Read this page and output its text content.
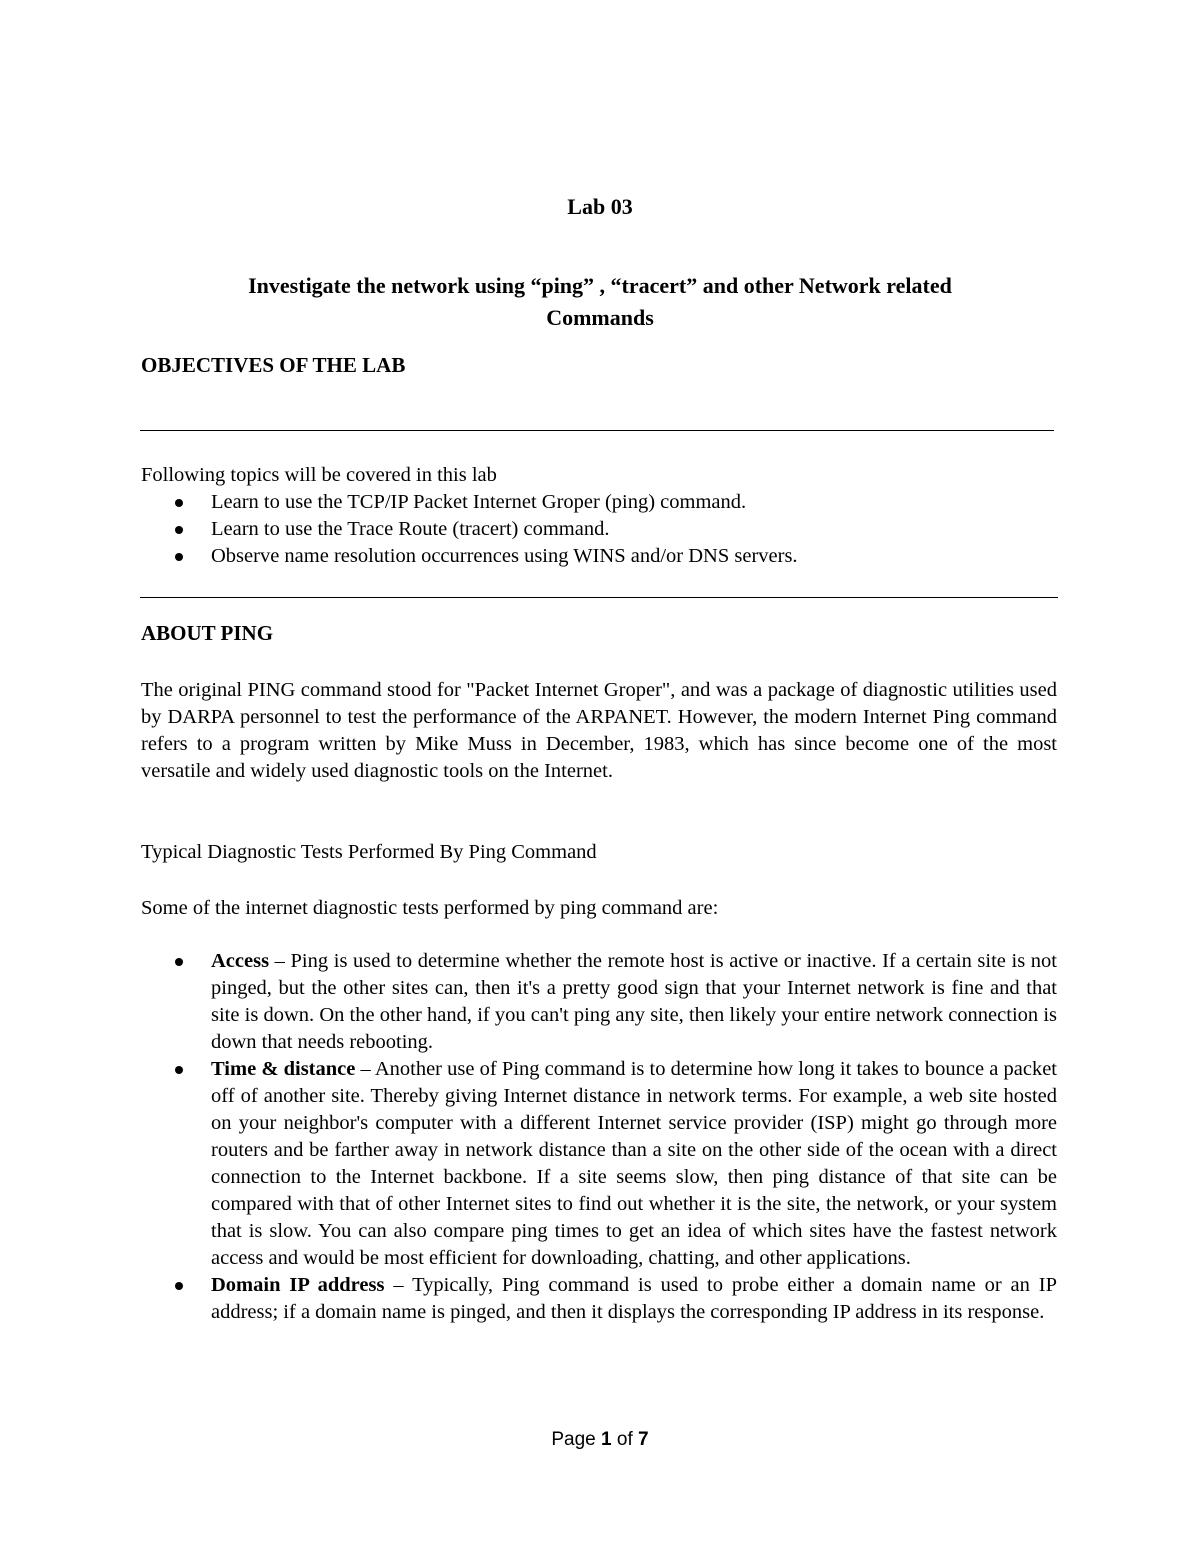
Lab 03
Investigate the network using “ping” , “tracert” and other Network related
Commands
OBJECTIVES OF THE LAB
Following topics will be covered in this lab
Learn to use the TCP/IP Packet Internet Groper (ping) command.
Learn to use the Trace Route (tracert) command.
Observe name resolution occurrences using WINS and/or DNS servers.
ABOUT PING
The original PING command stood for "Packet Internet Groper", and was a package of diagnostic utilities used by DARPA personnel to test the performance of the ARPANET. However, the modern Internet Ping command refers to a program written by Mike Muss in December, 1983, which has since become one of the most versatile and widely used diagnostic tools on the Internet.
Typical Diagnostic Tests Performed By Ping Command
Some of the internet diagnostic tests performed by ping command are:
Access – Ping is used to determine whether the remote host is active or inactive. If a certain site is not pinged, but the other sites can, then it's a pretty good sign that your Internet network is fine and that site is down. On the other hand, if you can't ping any site, then likely your entire network connection is down that needs rebooting.
Time & distance – Another use of Ping command is to determine how long it takes to bounce a packet off of another site. Thereby giving Internet distance in network terms. For example, a web site hosted on your neighbor's computer with a different Internet service provider (ISP) might go through more routers and be farther away in network distance than a site on the other side of the ocean with a direct connection to the Internet backbone. If a site seems slow, then ping distance of that site can be compared with that of other Internet sites to find out whether it is the site, the network, or your system that is slow. You can also compare ping times to get an idea of which sites have the fastest network access and would be most efficient for downloading, chatting, and other applications.
Domain IP address – Typically, Ping command is used to probe either a domain name or an IP address; if a domain name is pinged, and then it displays the corresponding IP address in its response.
Page 1 of 7
